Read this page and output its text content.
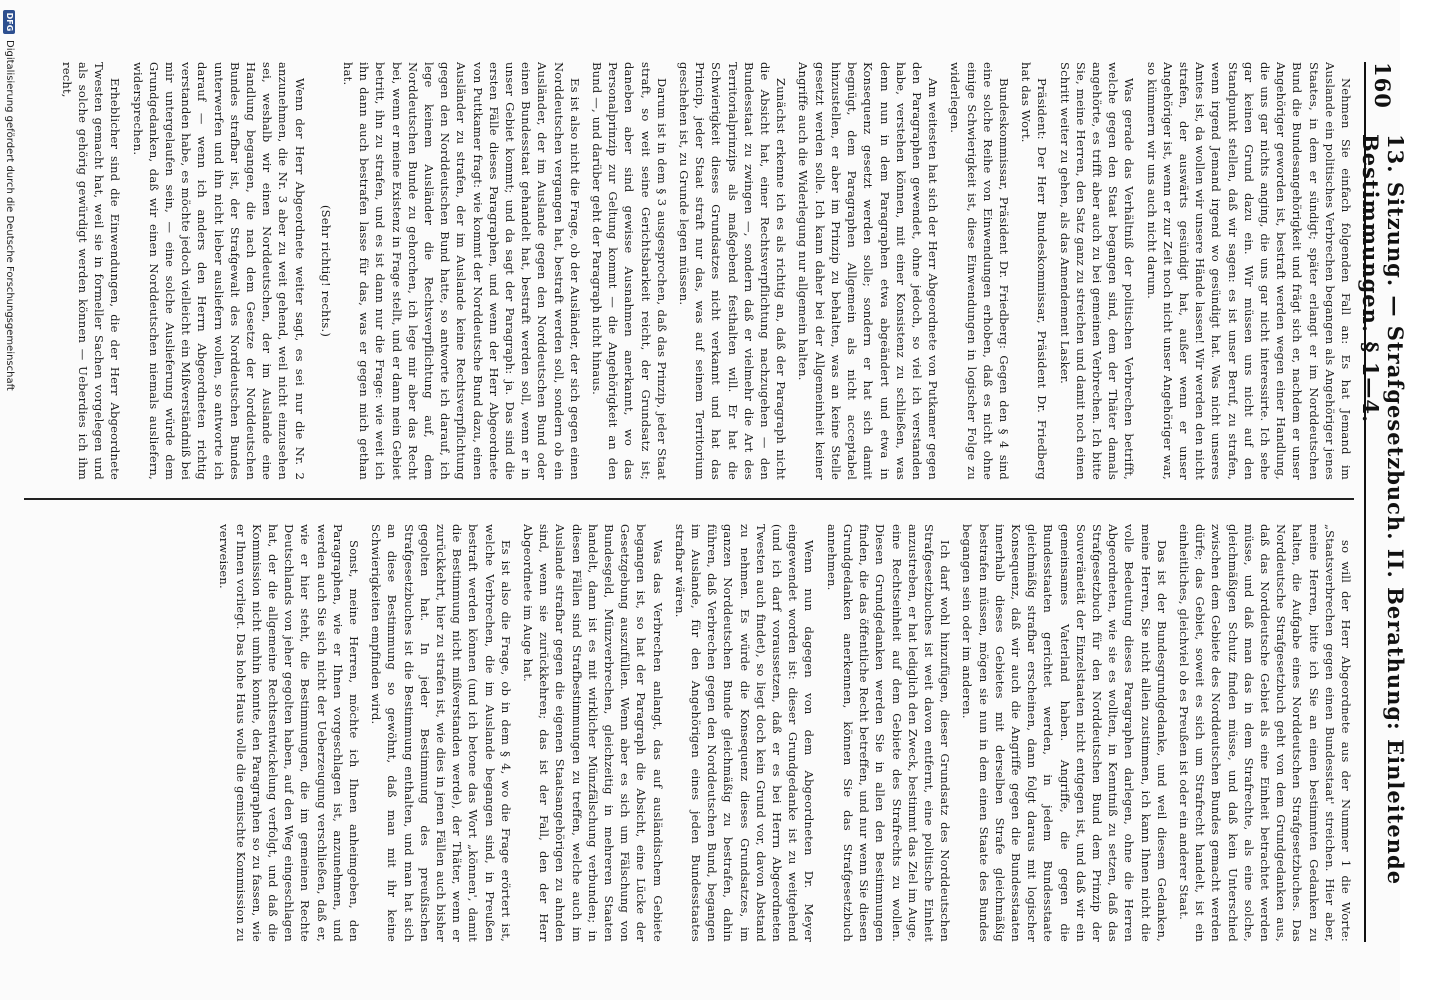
160
13. Sitzung. — Strafgesetzbuch. II. Berathung: Einleitende Bestimmungen. § 1—4.

Nehmen Sie einfach folgenden Fall an: Es hat Jemand im Auslande ein politisches Verbrechen begangen als Angehöriger jenes Staates, in dem er sündigt; später erlangt er im Norddeutschen Bund die Bundesangehörigkeit und frägt sich er, nachdem er unser Angehöriger geworden ist, bestraft werden wegen einer Handlung, die uns gar nichts anging, die uns gar nicht interessirte. Ich sehe gar keinen Grund dazu ein. Wir müssen uns nicht auf den Standpunkt stellen, daß wir sagen: es ist unser Beruf, zu strafen, wenn irgend Jemand irgend wo gesündigt hat. Was nicht unseres Amtes ist, da wollen wir unsere Hände lassen! Wir werden den nicht strafen, der auswärts gesündigt hat, außer wenn er unser Angehöriger ist, wenn er zur Zeit noch nicht unser Angehöriger war, so kümmern wir uns auch nicht darum.

Was gerade das Verhältniß der politischen Verbrechen betrifft, welche gegen den Staat begangen sind, dem der Thäter damals angehörte, es trifft aber auch zu bei gemeinen Verbrechen. Ich bitte Sie, meine Herren, den Satz ganz zu streichen und damit noch einen Schritt weiter zu gehen, als das Amendement Lasker.

Präsident: Der Herr Bundeskommissar, Präsident Dr. Friedberg hat das Wort.

Bundeskommissar, Präsident Dr. Friedberg: Gegen den § 4 sind eine solche Reihe von Einwendungen erhoben, daß es nicht ohne einige Schwierigkeit ist, diese Einwendungen in logischer Folge zu widerlegen.

Am weitesten hat sich der Herr Abgeordnete von Putkamer gegen den Paragraphen gewendet, ohne jedoch, so viel ich verstanden habe, verstehen können, mit einer Konsistenz zu schließen, was denn nun in dem Paragraphen etwa abgeändert und etwa in Konsequenz gesetzt werden solle; sondern er hat sich damit begnügt, dem Paragraphen Allgemein als nicht acceptabel hinzustellen, er aber im Prinzip zu behalten, was an keine Stelle gesetzt werden solle. Ich kann daher bei der Allgemeinheit keiner Angriffe auch die Widerlegung nur allgemein halten.

Zunächst erkenne ich es als richtig an, daß der Paragraph nicht die Absicht hat, einer Rechtsverpflichtung nachzugehen — den Bundesstaat zu zwingen —, sondern daß er vielmehr die Art des Territorialprinzips als maßgebend festhalten will. Er hat die Schwierigkeit dieses Grundsatzes nicht verkannt und hat das Princip, jeder Staat straft nur das, was auf seinem Territorium geschehen ist, zu Grunde legen müssen.

Darum ist in dem § 3 ausgesprochen, daß das Prinzip, jeder Staat straft, so weit seine Gerichtsbarkeit reicht, der Grundsatz ist; daneben aber sind gewisse Ausnahmen anerkannt, wo das Personalprinzip zur Geltung kommt — die Angehörigkeit an den Bund —, und darüber geht der Paragraph nicht hinaus.

Es ist also nicht die Frage, ob der Ausländer, der sich gegen einen Norddeutschen vergangen hat, bestraft werden soll, sondern ob ein Ausländer, der im Auslande gegen den Norddeutschen Bund oder einen Bundesstaat gehandelt hat, bestraft werden soll, wenn er in unser Gebiet kommt; und da sagt der Paragraph: ja. Das sind die ersten Fälle dieses Paragraphen, und wenn der Herr Abgeordnete von Puttkamer fragt: wie kommt der Norddeutsche Bund dazu, einen Ausländer zu strafen, der im Auslande keine Rechtsverpflichtung gegen den Norddeutschen Bund hatte, so antworte ich darauf, ich lege keinem Ausländer die Rechtsverpflichtung auf, dem Norddeutschen Bunde zu gehorchen, ich lege mir aber das Recht bei, wenn er meine Existenz in Frage stellt, und er dann mein Gebiet betritt, ihn zu strafen, und es ist dann nur die Frage: wie weit ich ihn dann auch bestrafen lasse für das, was er gegen mich gethan hat.

(Sehr richtig! rechts.)

Wenn der Herr Abgeordnete weiter sagt, es sei nur die Nr. 2 anzunehmen, die Nr. 3 aber zu weit gehend, weil nicht einzusehen sei, weshalb wir einen Norddeutschen, der im Auslande eine Handlung begangen, die nach dem Gesetze der Norddeutschen Bundes strafbar ist, der Strafgewalt des Norddeutschen Bundes unterwerfen und ihn nicht lieber ausliefern wollen, so antworte ich darauf — wenn ich anders den Herrn Abgeordneten richtig verstanden habe, es möchte jedoch vielleicht ein Mißverständniß bei mir untergelaufen sein, — eine solche Auslieferung würde dem Grundgedanken, daß wir einen Norddeutschen niemals ausliefern, widersprechen.

Erheblicher sind die Einwendungen, die der Herr Abgeordnete Twesten gemacht hat, weil sie in formeller Sachen vorgelegen und als solche gehörig gewürdigt werden können — Ueberdies ich ihm recht,

so will der Herr Abgeordnete aus der Nummer 1 die Worte: „Staatsverbrechen gegen einen Bundesstaat' streichen. Hier aber, meine Herren, bitte ich Sie an einen bestimmten Gedanken zu halten, die Aufgabe eines Norddeutschen Strafgesetzbuches. Das Norddeutsche Strafgesetzbuch geht von dem Grundgedanken aus, daß das Norddeutsche Gebiet als eine Einheit betrachtet werden müsse, und daß man das in dem Strafrechte, als eine solche, gleichmäßigen Schutz finden müsse, und daß kein Unterschied zwischen dem Gebiete des Norddeutschen Bundes gemacht werden dürfe; das Gebiet, soweit es sich um Strafrecht handelt, ist ein einheitliches, gleichviel ob es Preußen ist oder ein anderer Staat.

Das ist der Bundesgrundgedanke, und weil diesem Gedanken, meine Herren, Sie nicht allein zustimmen, ich kann Ihnen nicht die volle Bedeutung dieses Paragraphen darlegen, ohne die Herren Abgeordneten, wie sie es wollten, in Kenntniß zu setzen, daß das Strafgesetzbuch für den Norddeutschen Bund dem Prinzip der Souveränetät der Einzelstaaten nicht entgegen ist, und daß wir ein gemeinsames Vaterland haben. Angriffe, die gegen die Bundesstaaten gerichtet werden, in jedem Bundesstaate gleichmäßig strafbar erscheinen, dann folgt daraus mit logischer Konsequenz, daß wir auch die Angriffe gegen die Bundesstaaten innerhalb dieses Gebietes mit derselben Strafe gleichmäßig bestrafen müssen, mögen sie nun in dem einen Staate des Bundes begangen sein oder im anderen.

Ich darf wohl hinzufügen, dieser Grundsatz des Norddeutschen Strafgesetzbuches ist weit davon entfernt, eine politische Einheit anzustreben, er hat lediglich den Zweck, bestimmt das Ziel im Auge, eine Rechtseinheit auf dem Gebiete des Strafrechts zu wollen. Diesen Grundgedanken werden Sie in allen den Bestimmungen finden, die das öffentliche Recht betreffen, und nur wenn Sie diesen Grundgedanken anerkennen, können Sie das Strafgesetzbuch annehmen.

Wenn nun dagegen von dem Abgeordneten Dr. Meyer eingewendet worden ist: dieser Grundgedanke ist zu weitgehend (und ich darf voraussetzen, daß er es bei Herrn Abgeordneten Twesten auch findet), so liegt doch kein Grund vor, davon Abstand zu nehmen. Es würde die Konsequenz dieses Grundsatzes, im ganzen Norddeutschen Bunde gleichmäßig zu bestrafen, dahin führen, daß Verbrechen gegen den Norddeutschen Bund, begangen im Auslande, für den Angehörigen eines jeden Bundesstaates strafbar wären.

Was das Verbrechen anlangt, das auf ausländischem Gebiete begangen ist, so hat der Paragraph die Absicht, eine Lücke der Gesetzgebung auszufüllen. Wenn aber es sich um Fälschung von Bundesgeld, Münzverbrechen, gleichzeitig in mehreren Staaten handelt, dann ist es mit wirklicher Münzfälschung verbunden; in diesen Fällen sind Strafbestimmungen zu treffen, welche auch im Auslande strafbar gegen die eigenen Staatsangehörigen zu ahnden sind, wenn sie zurückkehren; das ist der Fall, den der Herr Abgeordnete im Auge hat.

Es ist also die Frage, ob in dem § 4, wo die Frage erörtert ist, welche Verbrechen, die im Auslande begangen sind, in Preußen bestraft werden können (und ich betone das Wort „können', damit die Bestimmung nicht mißverstanden werde), der Thäter, wenn er zurückkehrt, hier zu strafen ist, wie dies in jenen Fällen auch bisher gegolten hat. In jeder Bestimmung des preußischen Strafgesetzbuches ist die Bestimmung enthalten, und man hat sich an diese Bestimmung so gewöhnt, daß man mit ihr keine Schwierigkeiten empfinden wird.

Sonst, meine Herren, möchte ich Ihnen anheimgeben, den Paragraphen, wie er Ihnen vorgeschlagen ist, anzunehmen, und werden auch Sie sich nicht der Ueberzeugung verschließen, daß er, wie er hier steht, die Bestimmungen, die im gemeinen Rechte Deutschlands von jeher gegolten haben, auf den Weg eingeschlagen hat, der die allgemeine Rechtsentwickelung verfolgt, und daß die Kommission nicht umhin konnte, den Paragraphen so zu fassen, wie er Ihnen vorliegt. Das hohe Haus wolle die gemischte Kommission zu verweisen.

DFG
Digitalisierung gefördert durch die Deutsche Forschungsgemeinschaft
